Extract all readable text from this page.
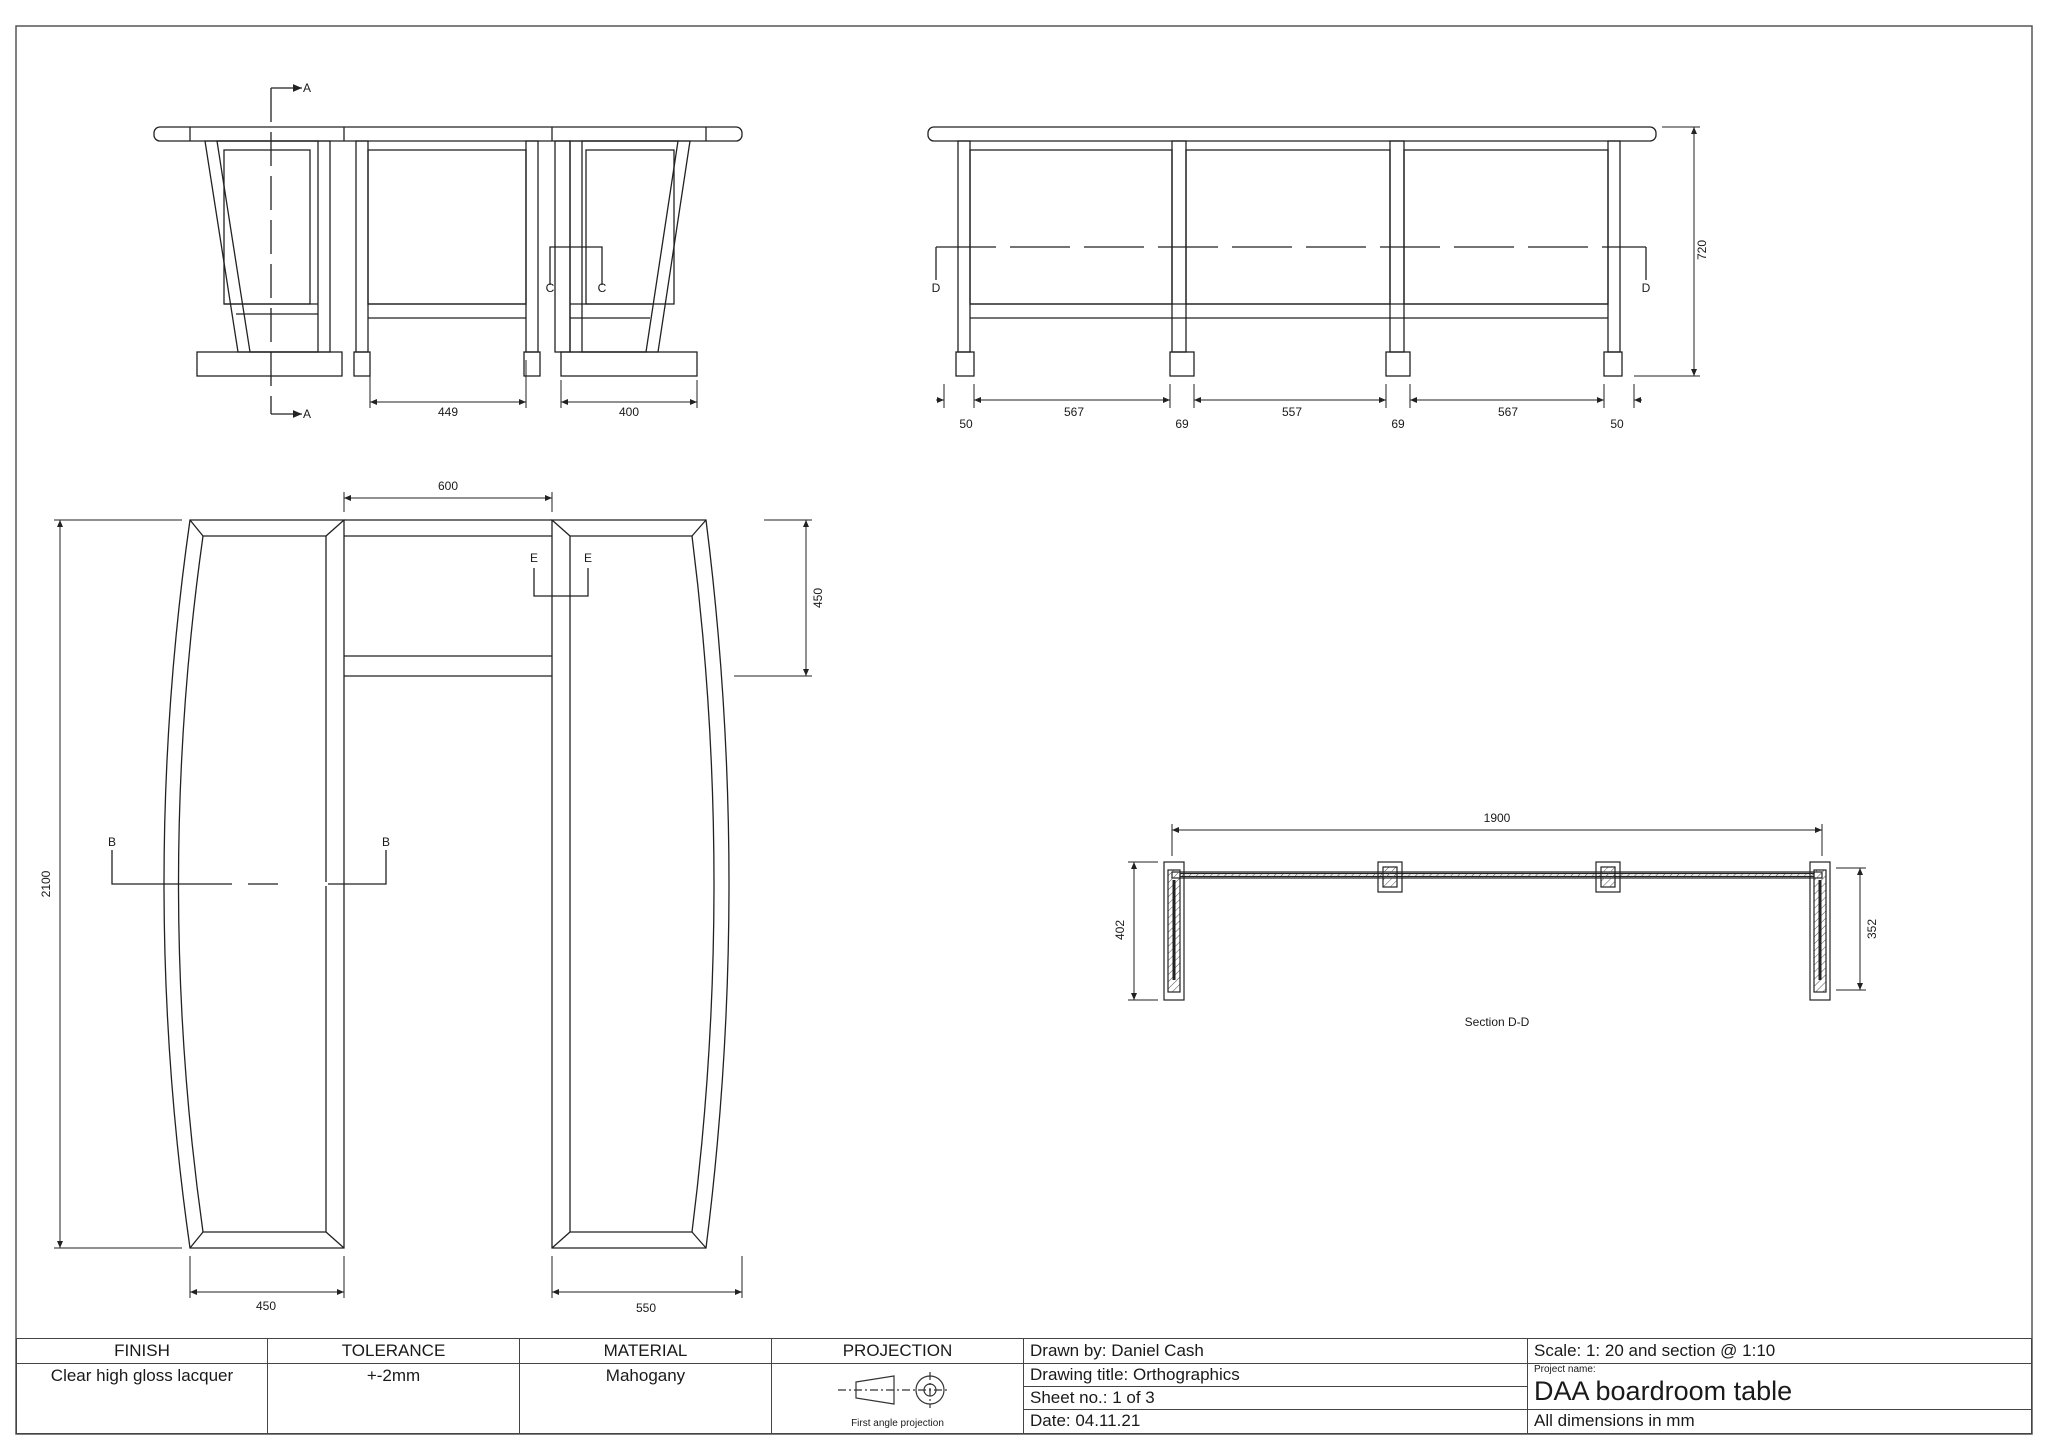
A
A
C	C
449	400
D	D
50
567
69
557
69
567
50
720
E	E
B	B
600
450
2100
450	550
1900
402	352
Section D-D
FINISH	TOLERANCE	MATERIAL	PROJECTION
Clear high gloss lacquer	+-2mm	Mahogany
First angle projection
Drawn by: Daniel Cash
Drawing title: Orthographics
Sheet no.: 1 of 3
Date: 04.11.21
Scale: 1: 20 and section @ 1:10
Project name:
DAA boardroom table
All dimensions in mm
